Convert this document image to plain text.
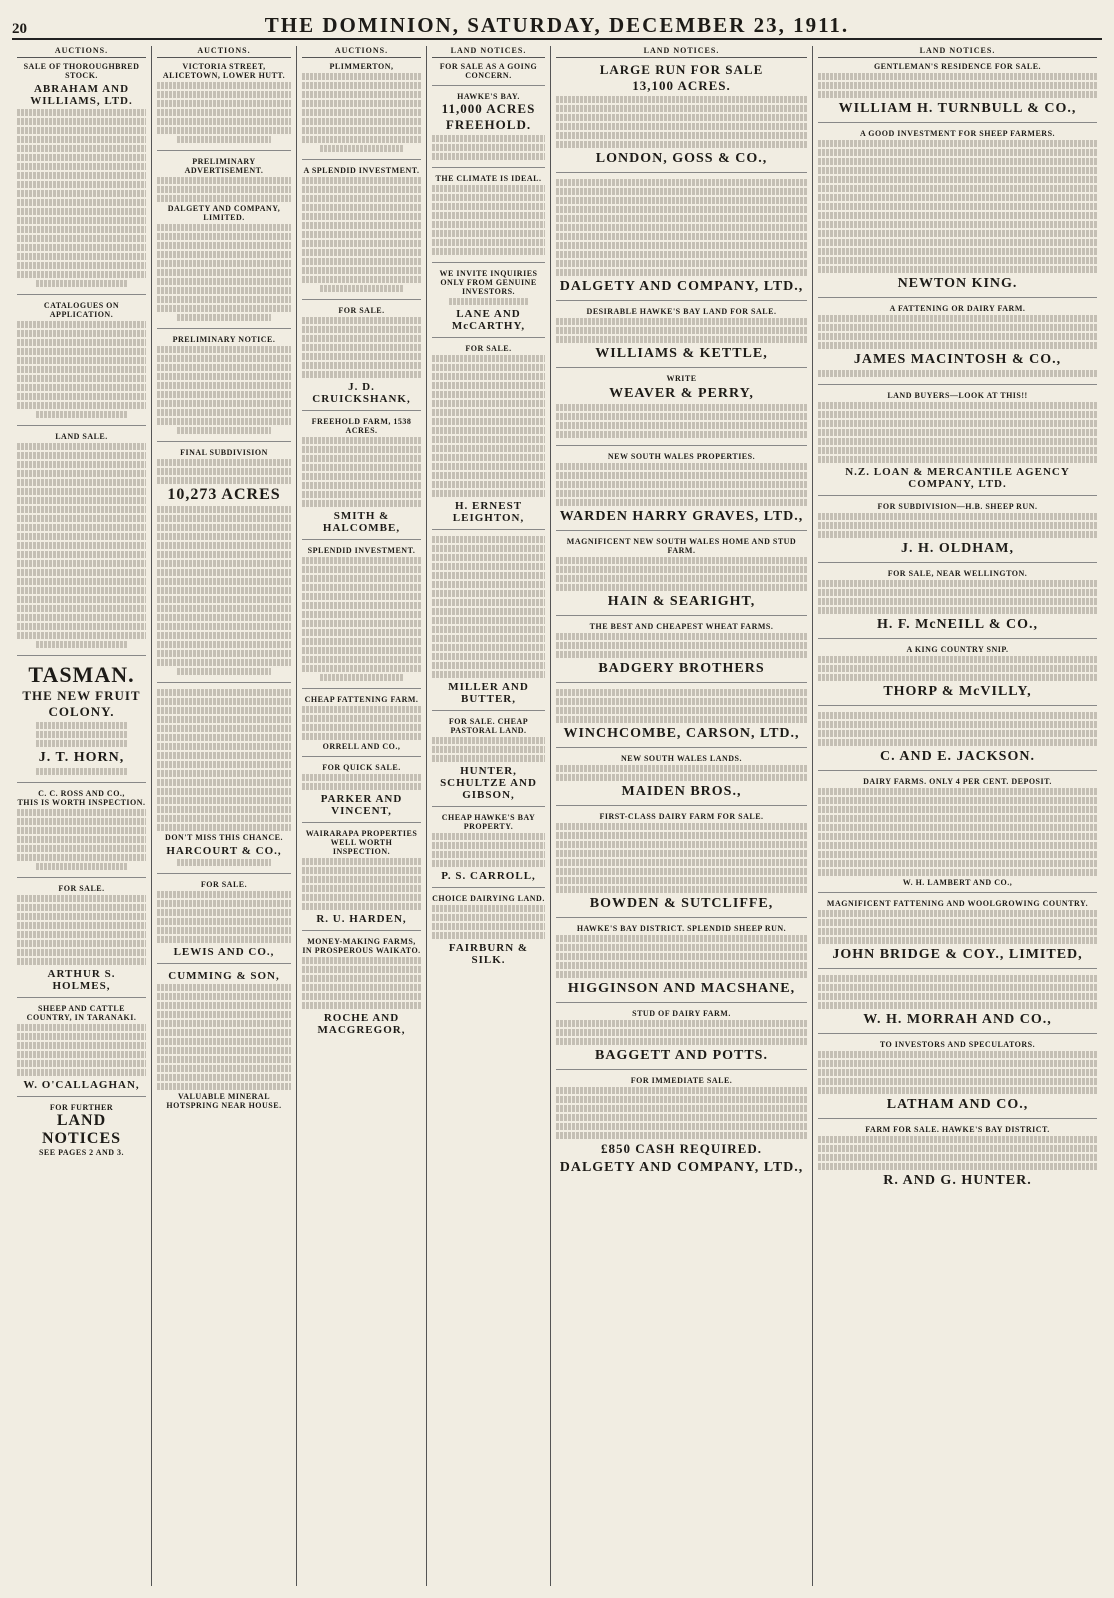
20	THE DOMINION, SATURDAY, DECEMBER 23, 1911.
AUCTIONS.
SALE OF THOROUGHBRED STOCK.
ABRAHAM AND WILLIAMS, LTD.
CATALOGUES ON APPLICATION.
LAND SALE.
TASMAN.
THE NEW FRUIT COLONY.
J. T. HORN,
C. C. ROSS AND CO.,
THIS IS WORTH INSPECTION.
FOR SALE.
ARTHUR S. HOLMES,
SHEEP AND CATTLE COUNTRY, IN TARANAKI.
W. O'CALLAGHAN,
FOR FURTHER
LAND NOTICES
SEE PAGES 2 AND 3.
AUCTIONS.
VICTORIA STREET, ALICETOWN, LOWER HUTT.
PRELIMINARY ADVERTISEMENT.
DALGETY AND COMPANY, LIMITED.
PRELIMINARY NOTICE.
FINAL SUBDIVISION
10,273 ACRES
DON'T MISS THIS CHANCE.
HARCOURT & CO.,
FOR SALE.
LEWIS AND CO.,
CUMMING & SON,
VALUABLE MINERAL HOTSPRING NEAR HOUSE.
AUCTIONS.
PLIMMERTON,
A SPLENDID INVESTMENT.
FOR SALE.
J. D. CRUICKSHANK,
FREEHOLD FARM, 1538 ACRES.
SMITH & HALCOMBE,
SPLENDID INVESTMENT.
CHEAP FATTENING FARM.
ORRELL AND CO.,
FOR QUICK SALE.
PARKER AND VINCENT,
WAIRARAPA PROPERTIES WELL WORTH INSPECTION.
R. U. HARDEN,
MONEY-MAKING FARMS, IN PROSPEROUS WAIKATO.
ROCHE AND MACGREGOR,
LAND NOTICES.
FOR SALE AS A GOING CONCERN.
HAWKE'S BAY.
11,000 ACRES FREEHOLD.
THE CLIMATE IS IDEAL.
WE INVITE INQUIRIES ONLY FROM GENUINE INVESTORS.
LANE AND McCARTHY,
FOR SALE.
H. ERNEST LEIGHTON,
MILLER AND BUTTER,
FOR SALE. CHEAP PASTORAL LAND.
HUNTER, SCHULTZE AND GIBSON,
CHEAP HAWKE'S BAY PROPERTY.
P. S. CARROLL,
CHOICE DAIRYING LAND.
FAIRBURN & SILK.
LAND NOTICES.
LARGE RUN FOR SALE
13,100 ACRES.
LONDON, GOSS & CO.,
DALGETY AND COMPANY, LTD.,
DESIRABLE HAWKE'S BAY LAND FOR SALE.
WILLIAMS & KETTLE,
WRITE
WEAVER & PERRY,
NEW SOUTH WALES PROPERTIES.
WARDEN HARRY GRAVES, LTD.,
MAGNIFICENT NEW SOUTH WALES HOME AND STUD FARM.
HAIN & SEARIGHT,
THE BEST AND CHEAPEST WHEAT FARMS.
BADGERY BROTHERS
WINCHCOMBE, CARSON, LTD.,
NEW SOUTH WALES LANDS.
MAIDEN BROS.,
FIRST-CLASS DAIRY FARM FOR SALE.
BOWDEN & SUTCLIFFE,
HAWKE'S BAY DISTRICT. SPLENDID SHEEP RUN.
HIGGINSON AND MACSHANE,
STUD OF DAIRY FARM.
BAGGETT AND POTTS.
FOR IMMEDIATE SALE.
£850 CASH REQUIRED.
DALGETY AND COMPANY, LTD.,
LAND NOTICES.
GENTLEMAN'S RESIDENCE FOR SALE.
WILLIAM H. TURNBULL & CO.,
A GOOD INVESTMENT FOR SHEEP FARMERS.
NEWTON KING.
A FATTENING OR DAIRY FARM.
JAMES MACINTOSH & CO.,
LAND BUYERS—LOOK AT THIS!!
N.Z. LOAN & MERCANTILE AGENCY COMPANY, LTD.
FOR SUBDIVISION—H.B. SHEEP RUN.
J. H. OLDHAM,
FOR SALE, NEAR WELLINGTON.
H. F. McNEILL & CO.,
A KING COUNTRY SNIP.
THORP & McVILLY,
C. AND E. JACKSON.
DAIRY FARMS. ONLY 4 PER CENT. DEPOSIT.
W. H. LAMBERT AND CO.,
MAGNIFICENT FATTENING AND WOOLGROWING COUNTRY.
JOHN BRIDGE & COY., LIMITED,
W. H. MORRAH AND CO.,
TO INVESTORS AND SPECULATORS.
LATHAM AND CO.,
FARM FOR SALE. HAWKE'S BAY DISTRICT.
R. AND G. HUNTER.
